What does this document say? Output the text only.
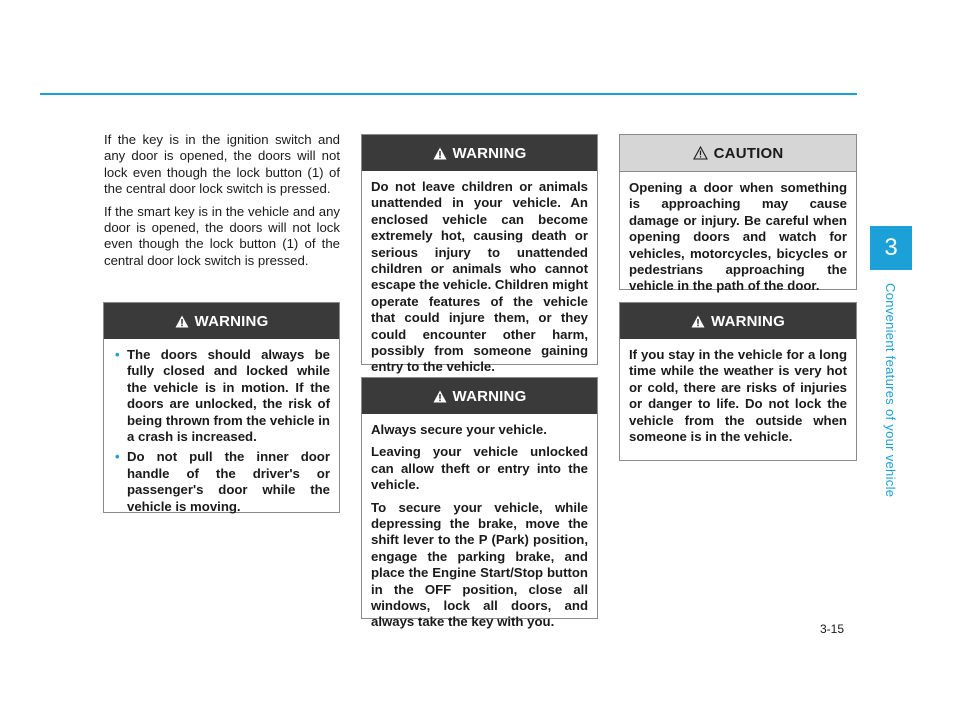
3
Convenient features of your vehicle
3-15

If the key is in the ignition switch and any door is opened, the doors will not lock even though the lock button (1) of the central door lock switch is pressed.

If the smart key is in the vehicle and any door is opened, the doors will not lock even though the lock button (1) of the central door lock switch is pressed.

WARNING
• The doors should always be fully closed and locked while the vehicle is in motion. If the doors are unlocked, the risk of being thrown from the vehicle in a crash is increased.
• Do not pull the inner door handle of the driver's or passenger's door while the vehicle is moving.
WARNING

Do not leave children or animals unattended in your vehicle. An enclosed vehicle can become extremely hot, causing death or serious injury to unattended children or animals who cannot escape the vehicle. Children might operate features of the vehicle that could injure them, or they could encounter other harm, possibly from someone gaining entry to the vehicle.

WARNING

Always secure your vehicle.

Leaving your vehicle unlocked can allow theft or entry into the vehicle.

To secure your vehicle, while depressing the brake, move the shift lever to the P (Park) position, engage the parking brake, and place the Engine Start/Stop button in the OFF position, close all windows, lock all doors, and always take the key with you.

CAUTION

Opening a door when something is approaching may cause damage or injury. Be careful when opening doors and watch for vehicles, motorcycles, bicycles or pedestrians approaching the vehicle in the path of the door.

WARNING

If you stay in the vehicle for a long time while the weather is very hot or cold, there are risks of injuries or danger to life. Do not lock the vehicle from the outside when someone is in the vehicle.
